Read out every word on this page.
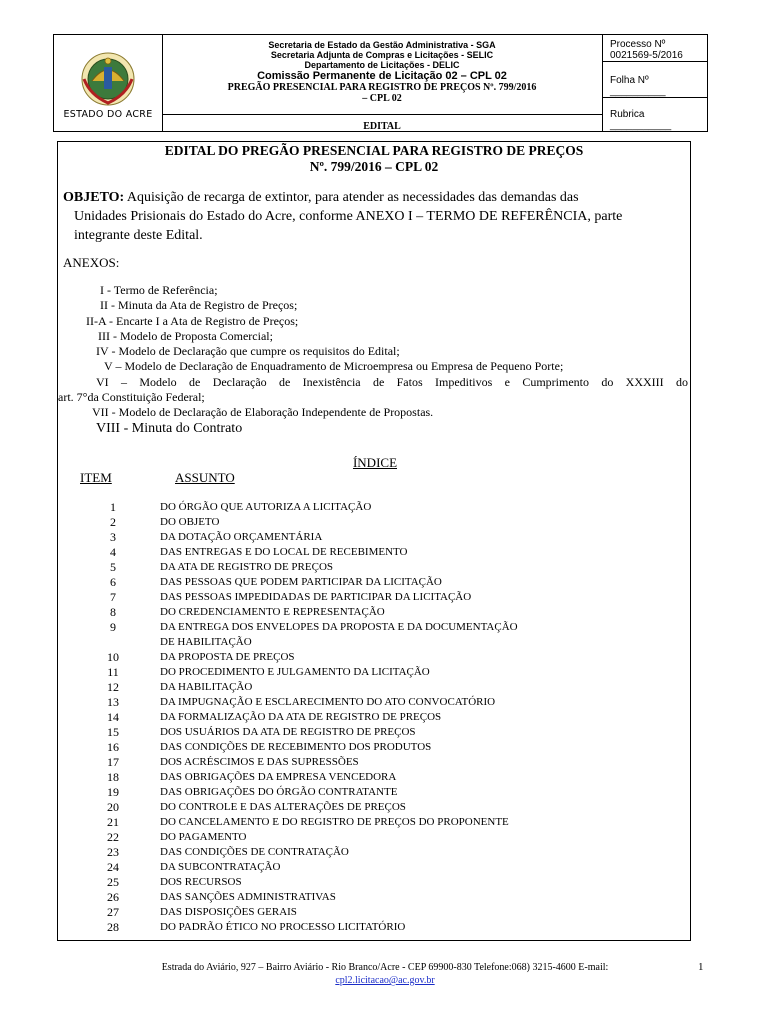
ESTADO DO ACRE
Secretaria de Estado da Gestão Administrativa - SGA
Secretaria Adjunta de Compras e Licitações - SELIC
Departamento de Licitações - DELIC
Comissão Permanente de Licitação 02 – CPL 02
PREGÃO PRESENCIAL PARA REGISTRO DE PREÇOS Nº. 799/2016
– CPL 02
EDITAL
Processo Nº 0021569-5/2016
Folha Nº __________
Rubrica ___________
EDITAL DO PREGÃO PRESENCIAL PARA REGISTRO DE PREÇOS
Nº. 799/2016 – CPL 02
OBJETO: Aquisição de recarga de extintor, para atender as necessidades das demandas das
Unidades Prisionais do Estado do Acre, conforme ANEXO I – TERMO DE REFERÊNCIA, parte
integrante deste Edital.
ANEXOS:
I - Termo de Referência;
II - Minuta da Ata de Registro de Preços;
II-A - Encarte I a Ata de Registro de Preços;
III - Modelo de Proposta Comercial;
IV - Modelo de Declaração que cumpre os requisitos do Edital;
V – Modelo de Declaração de Enquadramento de Microempresa ou Empresa de Pequeno Porte;
VI – Modelo de Declaração de Inexistência de Fatos Impeditivos e Cumprimento do XXXIII do
art. 7°da Constituição Federal;
VII - Modelo de Declaração de Elaboração Independente de Propostas.
VIII - Minuta do Contrato
ÍNDICE
ITEM	ASSUNTO
1	DO ÓRGÃO QUE AUTORIZA A LICITAÇÃO
2	DO OBJETO
3	DA DOTAÇÃO ORÇAMENTÁRIA
4	DAS ENTREGAS E DO LOCAL DE RECEBIMENTO
5	DA ATA DE REGISTRO DE PREÇOS
6	DAS PESSOAS QUE PODEM PARTICIPAR DA LICITAÇÃO
7	DAS PESSOAS IMPEDIDADAS DE PARTICIPAR DA LICITAÇÃO
8	DO CREDENCIAMENTO E REPRESENTAÇÃO
9	DA ENTREGA DOS ENVELOPES DA PROPOSTA E DA DOCUMENTAÇÃO
DE HABILITAÇÃO
10	DA PROPOSTA DE PREÇOS
11	DO PROCEDIMENTO E JULGAMENTO DA LICITAÇÃO
12	DA HABILITAÇÃO
13	DA IMPUGNAÇÃO E ESCLARECIMENTO DO ATO CONVOCATÓRIO
14	DA FORMALIZAÇÃO DA ATA DE REGISTRO DE PREÇOS
15	DOS USUÁRIOS DA ATA DE REGISTRO DE PREÇOS
16	DAS CONDIÇÕES DE RECEBIMENTO DOS PRODUTOS
17	DOS ACRÉSCIMOS E DAS SUPRESSÕES
18	DAS OBRIGAÇÕES DA EMPRESA VENCEDORA
19	DAS OBRIGAÇÕES DO ÓRGÃO CONTRATANTE
20	DO CONTROLE E DAS ALTERAÇÕES DE PREÇOS
21	DO CANCELAMENTO E DO REGISTRO DE PREÇOS DO PROPONENTE
22	DO PAGAMENTO
23	DAS CONDIÇÕES DE CONTRATAÇÃO
24	DA SUBCONTRATAÇÃO
25	DOS RECURSOS
26	DAS SANÇÕES ADMINISTRATIVAS
27	DAS DISPOSIÇÕES GERAIS
28	DO PADRÃO ÉTICO NO PROCESSO LICITATÓRIO
Estrada do Aviário, 927 – Bairro Aviário - Rio Branco/Acre - CEP 69900-830 Telefone:068) 3215-4600 E-mail:
cpl2.licitacao@ac.gov.br
1
